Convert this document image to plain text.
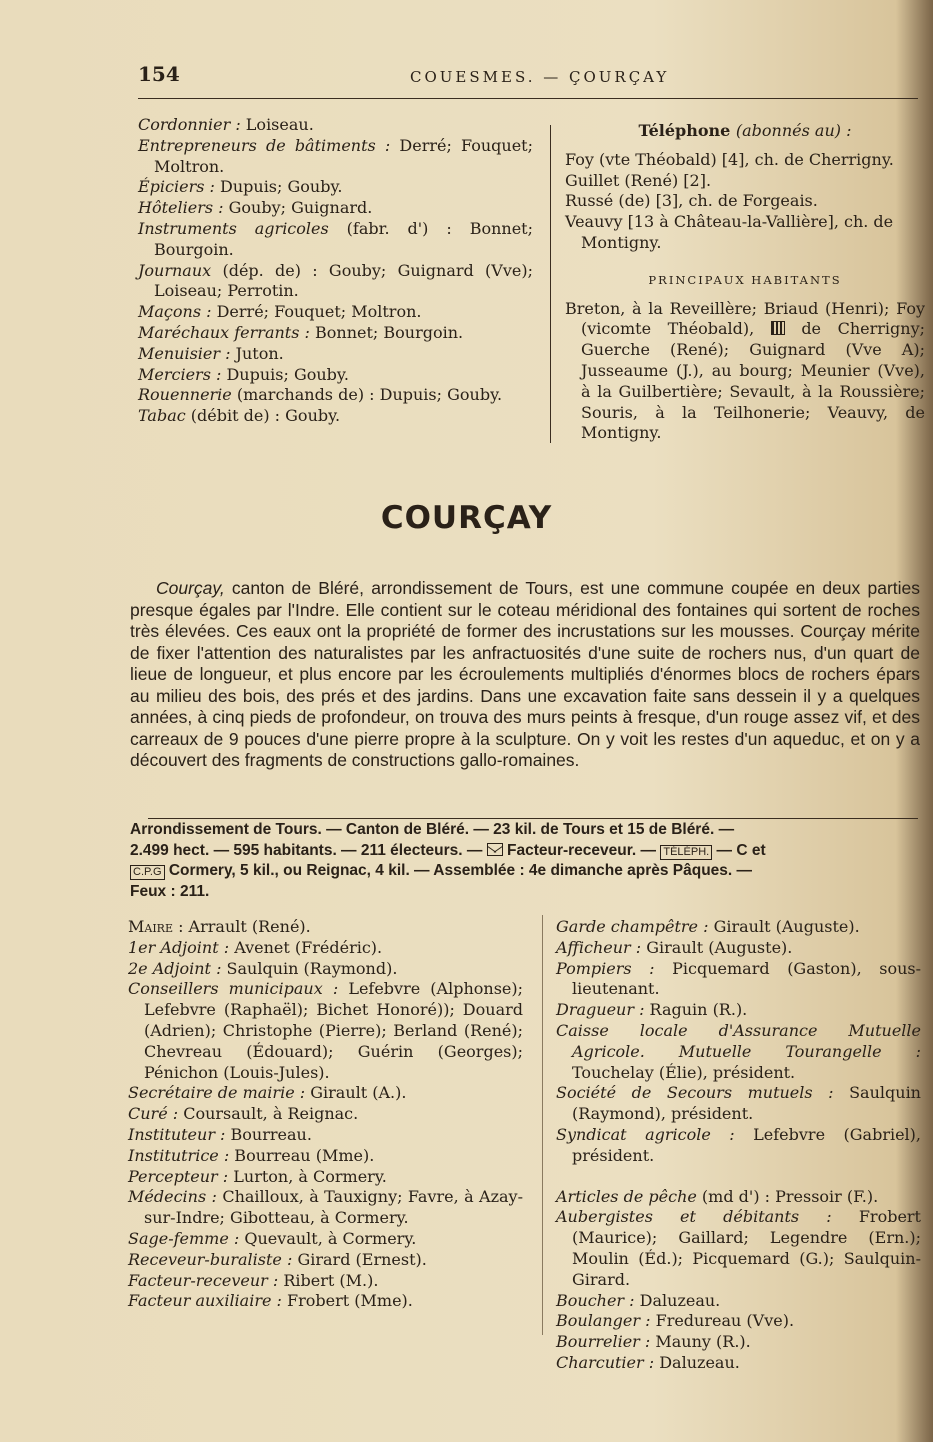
154	COUESMES. — ÇOURÇAY
Cordonnier : Loiseau.
Entrepreneurs de bâtiments : Derré; Fouquet; Moltron.
Épiciers : Dupuis; Gouby.
Hôteliers : Gouby; Guignard.
Instruments agricoles (fabr. d') : Bonnet; Bourgoin.
Journaux (dép. de) : Gouby; Guignard (Vve); Loiseau; Perrotin.
Maçons : Derré; Fouquet; Moltron.
Maréchaux ferrants : Bonnet; Bourgoin.
Menuisier : Juton.
Merciers : Dupuis; Gouby.
Rouennerie (marchands de) : Dupuis; Gouby.
Tabac (débit de) : Gouby.
Téléphone (abonnés au) :
Foy (vte Théobald) [4], ch. de Cherrigny.
Guillet (René) [2].
Russé (de) [3], ch. de Forgeais.
Veauvy [13 à Château-la-Vallière], ch. de Montigny.
PRINCIPAUX HABITANTS
Breton, à la Reveillère; Briaud (Henri); Foy (vicomte Théobald),  de Cherrigny; Guerche (René); Guignard (Vve A); Jusseaume (J.), au bourg; Meunier (Vve), à la Guilbertière; Sevault, à la Roussière; Souris, à la Teilhonerie; Veauvy, de Montigny.
COURÇAY
Courçay, canton de Bléré, arrondissement de Tours, est une commune coupée en deux parties presque égales par l'Indre. Elle contient sur le coteau méridional des fontaines qui sortent de roches très élevées. Ces eaux ont la propriété de former des incrustations sur les mousses. Courçay mérite de fixer l'attention des naturalistes par les anfractuosités d'une suite de rochers nus, d'un quart de lieue de longueur, et plus encore par les écroulements multipliés d'énormes blocs de rochers épars au milieu des bois, des prés et des jardins. Dans une excavation faite sans dessein il y a quelques années, à cinq pieds de profondeur, on trouva des murs peints à fresque, d'un rouge assez vif, et des carreaux de 9 pouces d'une pierre propre à la sculpture. On y voit les restes d'un aqueduc, et on y a découvert des fragments de constructions gallo-romaines.
Arrondissement de Tours. — Canton de Bléré. — 23 kil. de Tours et 15 de Bléré. —
2.499 hect. — 595 habitants. — 211 électeurs. —  Facteur-receveur. — TÉLÉPH. — C et
C.P.G Cormery, 5 kil., ou Reignac, 4 kil. — Assemblée : 4e dimanche après Pâques. —
Feux : 211.
Maire : Arrault (René).
1er Adjoint : Avenet (Frédéric).
2e Adjoint : Saulquin (Raymond).
Conseillers municipaux : Lefebvre (Alphonse); Lefebvre (Raphaël); Bichet Honoré)); Douard (Adrien); Christophe (Pierre); Berland (René); Chevreau (Édouard); Guérin (Georges); Pénichon (Louis-Jules).
Secrétaire de mairie : Girault (A.).
Curé : Coursault, à Reignac.
Instituteur : Bourreau.
Institutrice : Bourreau (Mme).
Percepteur : Lurton, à Cormery.
Médecins : Chailloux, à Tauxigny; Favre, à Azay-sur-Indre; Gibotteau, à Cormery.
Sage-femme : Quevault, à Cormery.
Receveur-buraliste : Girard (Ernest).
Facteur-receveur : Ribert (M.).
Facteur auxiliaire : Frobert (Mme).
Garde champêtre : Girault (Auguste).
Afficheur : Girault (Auguste).
Pompiers : Picquemard (Gaston), sous-lieutenant.
Dragueur : Raguin (R.).
Caisse locale d'Assurance Mutuelle Agricole. Mutuelle Tourangelle : Touchelay (Élie), président.
Société de Secours mutuels : Saulquin (Raymond), président.
Syndicat agricole : Lefebvre (Gabriel), président.
Articles de pêche (md d') : Pressoir (F.).
Aubergistes et débitants : Frobert (Maurice); Gaillard; Legendre (Ern.); Moulin (Éd.); Picquemard (G.); Saulquin-Girard.
Boucher : Daluzeau.
Boulanger : Fredureau (Vve).
Bourrelier : Mauny (R.).
Charcutier : Daluzeau.
